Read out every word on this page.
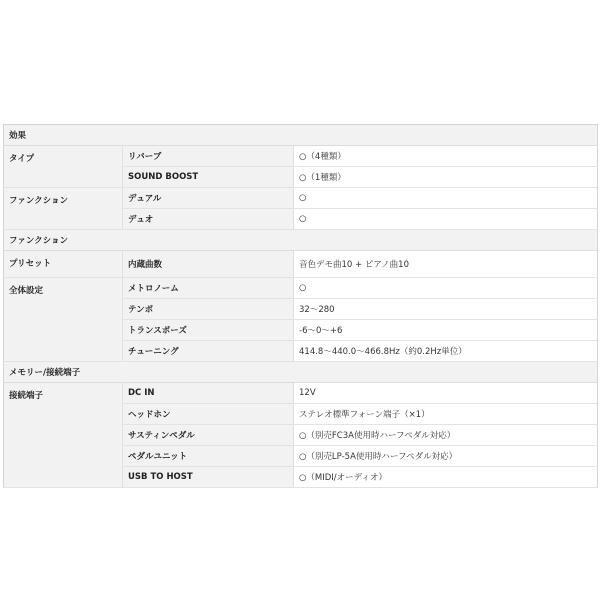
効果		
タイプ	リバーブ	○（4種類）
	SOUND BOOST	○（1種類）
ファンクション	デュアル	○
	デュオ	○
ファンクション		
プリセット	内蔵曲数	音色デモ曲10 + ピアノ曲10
全体設定	メトロノーム	○
	テンポ	32～280
	トランスポーズ	-6～0～+6
	チューニング	414.8～440.0～466.8Hz（約0.2Hz単位）
メモリー/接続端子		
接続端子	DC IN	12V
	ヘッドホン	ステレオ標準フォーン端子（×1）
	サスティンペダル	○（別売FC3A使用時ハーフペダル対応）
	ペダルユニット	○（別売LP-5A使用時ハーフペダル対応）
	USB TO HOST	○（MIDI/オーディオ）
